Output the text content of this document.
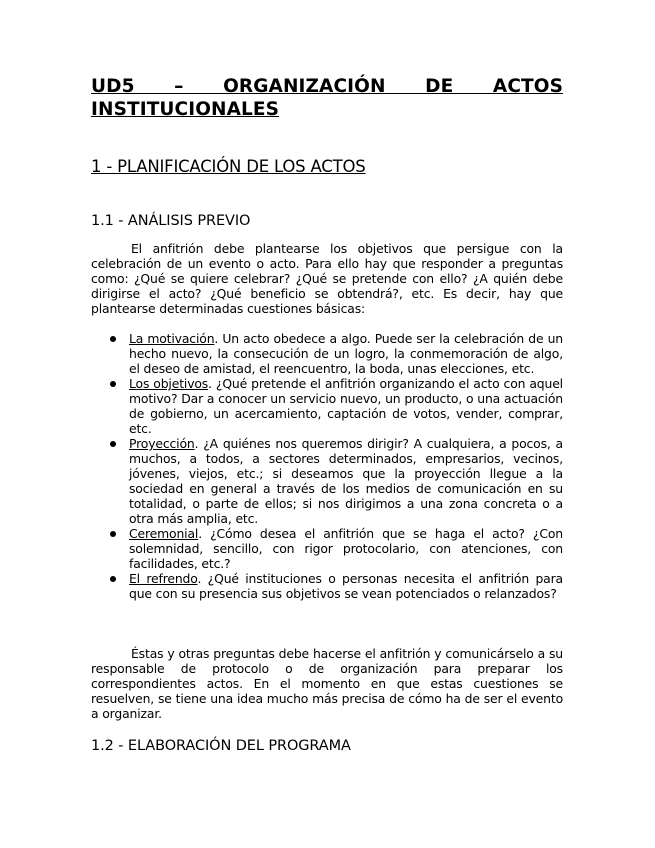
UD5 – ORGANIZACIÓN DE ACTOS
INSTITUCIONALES
1 - PLANIFICACIÓN DE LOS ACTOS
1.1 - ANÁLISIS PREVIO

El anfitrión debe plantearse los objetivos que persigue con la celebración de un evento o acto. Para ello hay que responder a preguntas como: ¿Qué se quiere celebrar? ¿Qué se pretende con ello? ¿A quién debe dirigirse el acto? ¿Qué beneficio se obtendrá?, etc. Es decir, hay que plantearse determinadas cuestiones básicas:

La motivación. Un acto obedece a algo. Puede ser la celebración de un hecho nuevo, la consecución de un logro, la conmemoración de algo, el deseo de amistad, el reencuentro, la boda, unas elecciones, etc.
Los objetivos. ¿Qué pretende el anfitrión organizando el acto con aquel motivo? Dar a conocer un servicio nuevo, un producto, o una actuación de gobierno, un acercamiento, captación de votos, vender, comprar, etc.
Proyección. ¿A quiénes nos queremos dirigir? A cualquiera, a pocos, a muchos, a todos, a sectores determinados, empresarios, vecinos, jóvenes, viejos, etc.; si deseamos que la proyección llegue a la sociedad en general a través de los medios de comunicación en su totalidad, o parte de ellos; si nos dirigimos a una zona concreta o a otra más amplia, etc.
Ceremonial. ¿Cómo desea el anfitrión que se haga el acto? ¿Con solemnidad, sencillo, con rigor protocolario, con atenciones, con facilidades, etc.?
El refrendo. ¿Qué instituciones o personas necesita el anfitrión para que con su presencia sus objetivos se vean potenciados o relanzados?

Éstas y otras preguntas debe hacerse el anfitrión y comunicárselo a su responsable de protocolo o de organización para preparar los correspondientes actos. En el momento en que estas cuestiones se resuelven, se tiene una idea mucho más precisa de cómo ha de ser el evento a organizar.

1.2 - ELABORACIÓN DEL PROGRAMA
